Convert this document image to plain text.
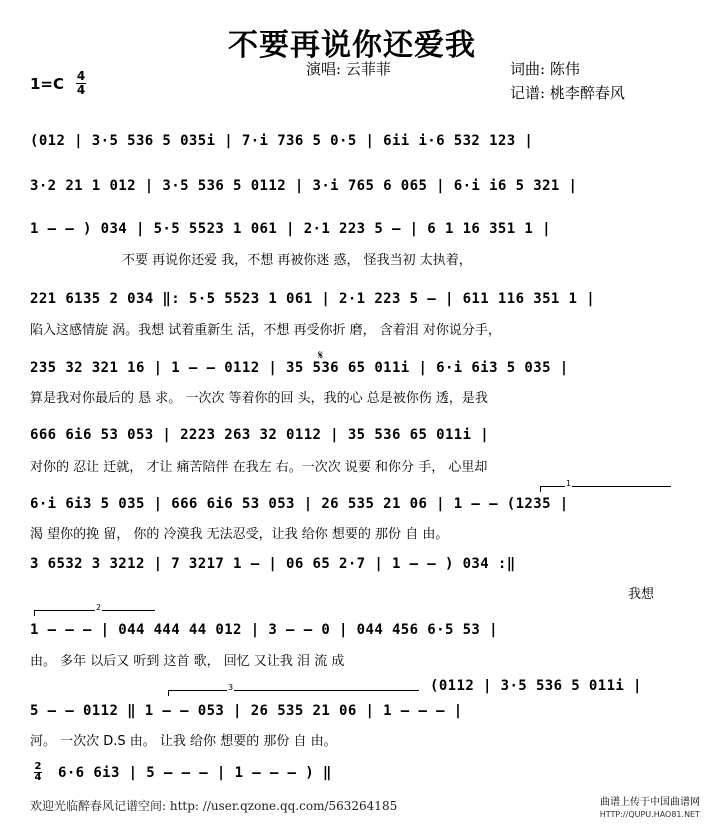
不要再说你还爱我
演唱: 云菲菲	词曲: 陈伟
记谱: 桃李醉春风
1=C 4
4
(012 | 3·5 536 5 035i | 7·i 736 5 0·5 | 6ii i·6 532 123 |
3·2 21 1 012 | 3·5 536 5 0112 | 3·i 765 6 065 | 6·i i6 5 321 |
1 – – ) 034 | 5·5 5523 1 061 | 2·1 223 5 – | 6 1 16 351 1 |
不要 再说你还爱 我，不想 再被你迷 惑， 怪我当初 太执着，
221 6135 2 034 ‖: 5·5 5523 1 061 | 2·1 223 5 – | 611 116 351 1 |
陷入这感情旋 涡。我想 试着重新生 活，不想 再受你折 磨， 含着泪 对你说分手，
𝄋
235 32 321 16 | 1 – – 0112 | 35 536 65 011i | 6·i 6i3 5 035 |
算是我对你最后的 恳 求。 一次次 等着你的回 头，我的心 总是被你伤 透，是我
666 6i6 53 053 | 2223 263 32 0112 | 35 536 65 011i |
对你的 忍让 迁就， 才让 痛苦陪伴 在我左 右。一次次 说要 和你分 手， 心里却
1
6·i 6i3 5 035 | 666 6i6 53 053 | 26 535 21 06 | 1 – – (1235 |
渴 望你的挽 留， 你的 冷漠我 无法忍受，让我 给你 想要的 那份 自 由。
3 6532 3 3212 | 7 3217 1 – | 06 65 2·7 | 1 – – ) 034 :‖
我想
2
1 – – – | 044 444 44 012 | 3 – – 0 | 044 456 6·5 53 |
由。 多年 以后又 听到 这首 歌， 回忆 又让我 泪 流 成
(0112 | 3·5 536 5 011i |
3
5 – – 0112 ‖ 1 – – 053 | 26 535 21 06 | 1 – – – |
河。 一次次 D.S 由。 让我 给你 想要的 那份 自 由。
2
4 6·6 6i3 | 5 – – – | 1 – – – ) ‖
欢迎光临醉春风记谱空间: http: //user.qzone.qq.com/563264185	曲谱上传于中国曲谱网
HTTP://QUPU.HAO81.NET
